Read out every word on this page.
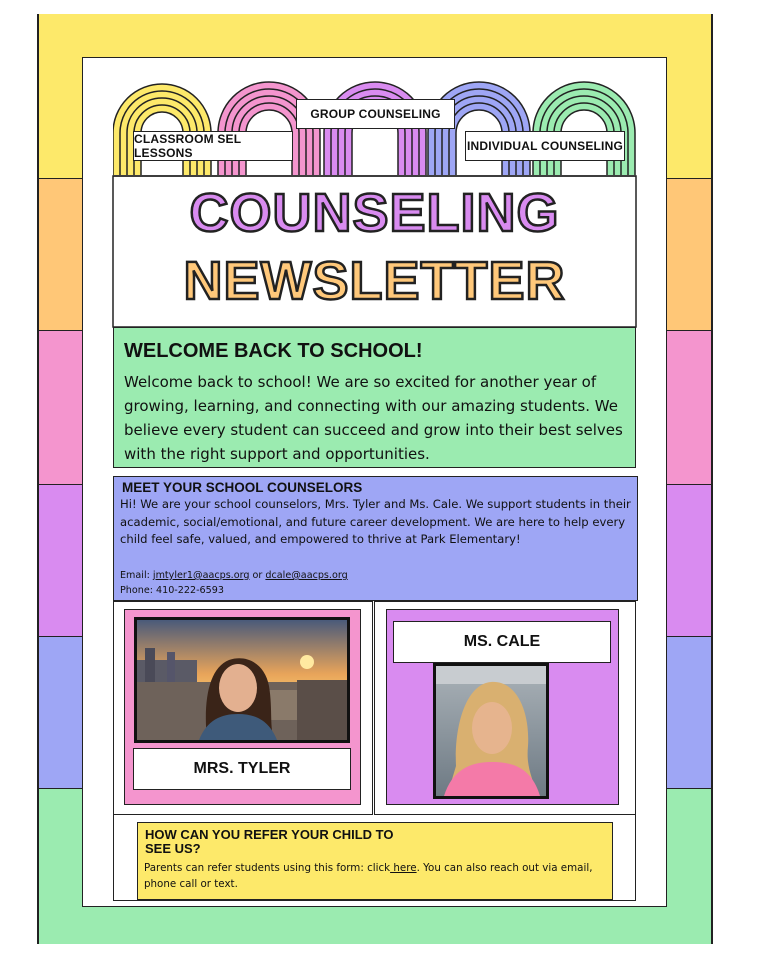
CLASSROOM SEL LESSONS
GROUP COUNSELING
INDIVIDUAL COUNSELING
COUNSELING
NEWSLETTER
WELCOME BACK TO SCHOOL!
Welcome back to school! We are so excited for another year of growing, learning, and connecting with our amazing students. We believe every student can succeed and grow into their best selves with the right support and opportunities.
MEET YOUR SCHOOL COUNSELORS
Hi! We are your school counselors, Mrs. Tyler and Ms. Cale. We support students in their academic, social/emotional, and future career development. We are here to help every child feel safe, valued, and empowered to thrive at Park Elementary!
Email: jmtyler1@aacps.org or dcale@aacps.org
Phone: 410-222-6593
MRS. TYLER
MS. CALE
HOW CAN YOU REFER YOUR CHILD TO SEE US?
Parents can refer students using this form: click here. You can also reach out via email, phone call or text.
